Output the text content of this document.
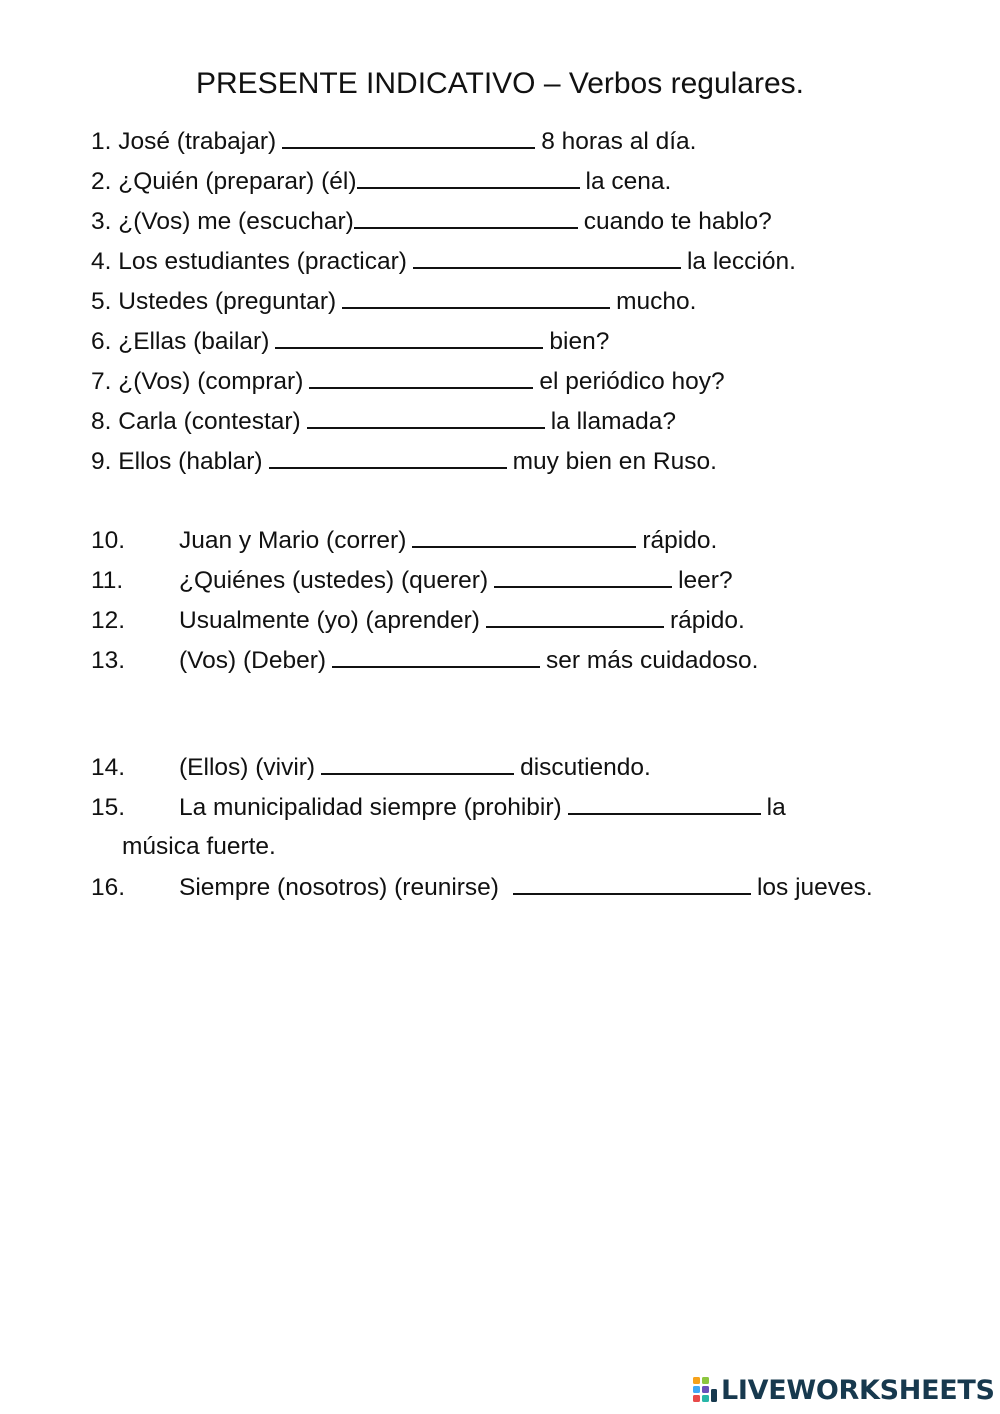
PRESENTE INDICATIVO – Verbos regulares.

1. José (trabajar)	8 horas al día.

2. ¿Quién (preparar) (él)	la cena.

3. ¿(Vos) me (escuchar)	cuando te hablo?

4. Los estudiantes (practicar)	la lección.

5. Ustedes (preguntar)	mucho.

6. ¿Ellas (bailar)	bien?

7. ¿(Vos) (comprar)	el periódico hoy?

8. Carla (contestar)	la llamada?

9. Ellos (hablar)	muy bien en Ruso.

10. Juan y Mario (correr)	rápido.

11. ¿Quiénes (ustedes) (querer)	leer?

12. Usualmente (yo) (aprender)	rápido.

13. (Vos) (Deber)	ser más cuidadoso.

14. (Ellos) (vivir)	discutiendo.

15. La municipalidad siempre (prohibir)	la

música fuerte.

16. Siempre (nosotros) (reunirse)	los jueves.

LIVEWORKSHEETS
